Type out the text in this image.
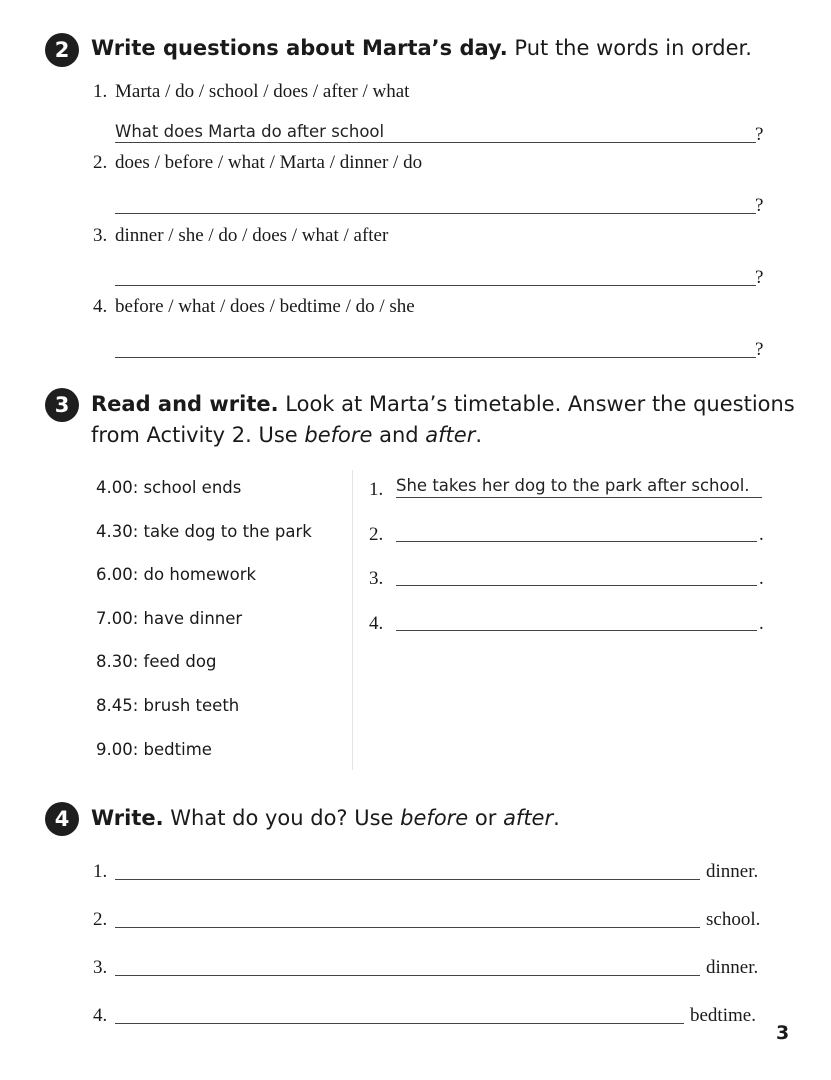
2	Write questions about Marta’s day. Put the words in order.
1. Marta / do / school / does / after / what
What does Marta do after school	?
2. does / before / what / Marta / dinner / do
?
3. dinner / she / do / does / what / after
?
4. before / what / does / bedtime / do / she
?
3	Read and write. Look at Marta’s timetable. Answer the questions
from Activity 2. Use before and after.
4.00: school ends
4.30: take dog to the park
6.00: do homework
7.00: have dinner
8.30: feed dog
8.45: brush teeth
9.00: bedtime
1. She takes her dog to the park after school.
2.	.
3.	.
4.	.
4	Write. What do you do? Use before or after.
1.	dinner.
2.	school.
3.	dinner.
4.	bedtime.
3
